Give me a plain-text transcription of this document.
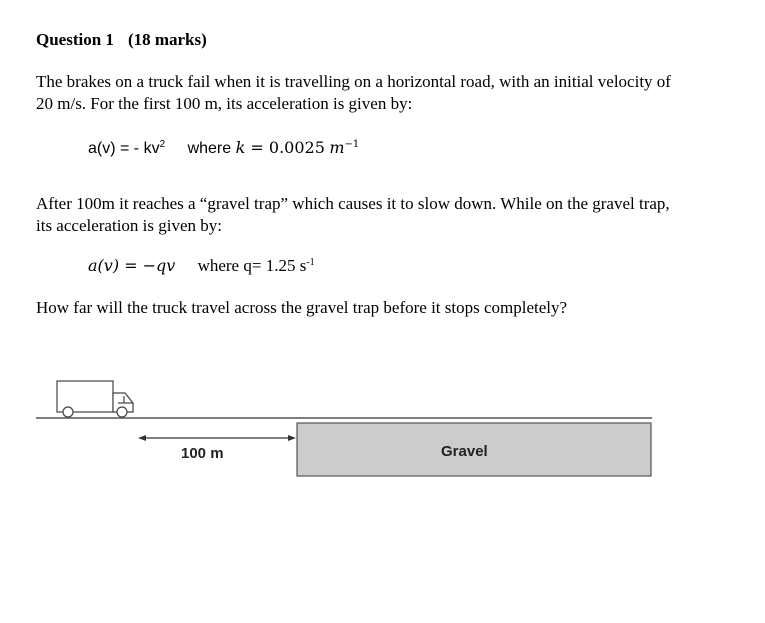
Question 1 (18 marks)
The brakes on a truck fail when it is travelling on a horizontal road, with an initial velocity of
20 m/s. For the first 100 m, its acceleration is given by:
a(v) = - $kv^2$ where k = 0.0025 $m^{-1}$
After 100m it reaches a “gravel trap” which causes it to slow down. While on the gravel trap,
its acceleration is given by:
a(v) = −qv where q= 1.25 $s^{-1}$
How far will the truck travel across the gravel trap before it stops completely?
100 m	Gravel
